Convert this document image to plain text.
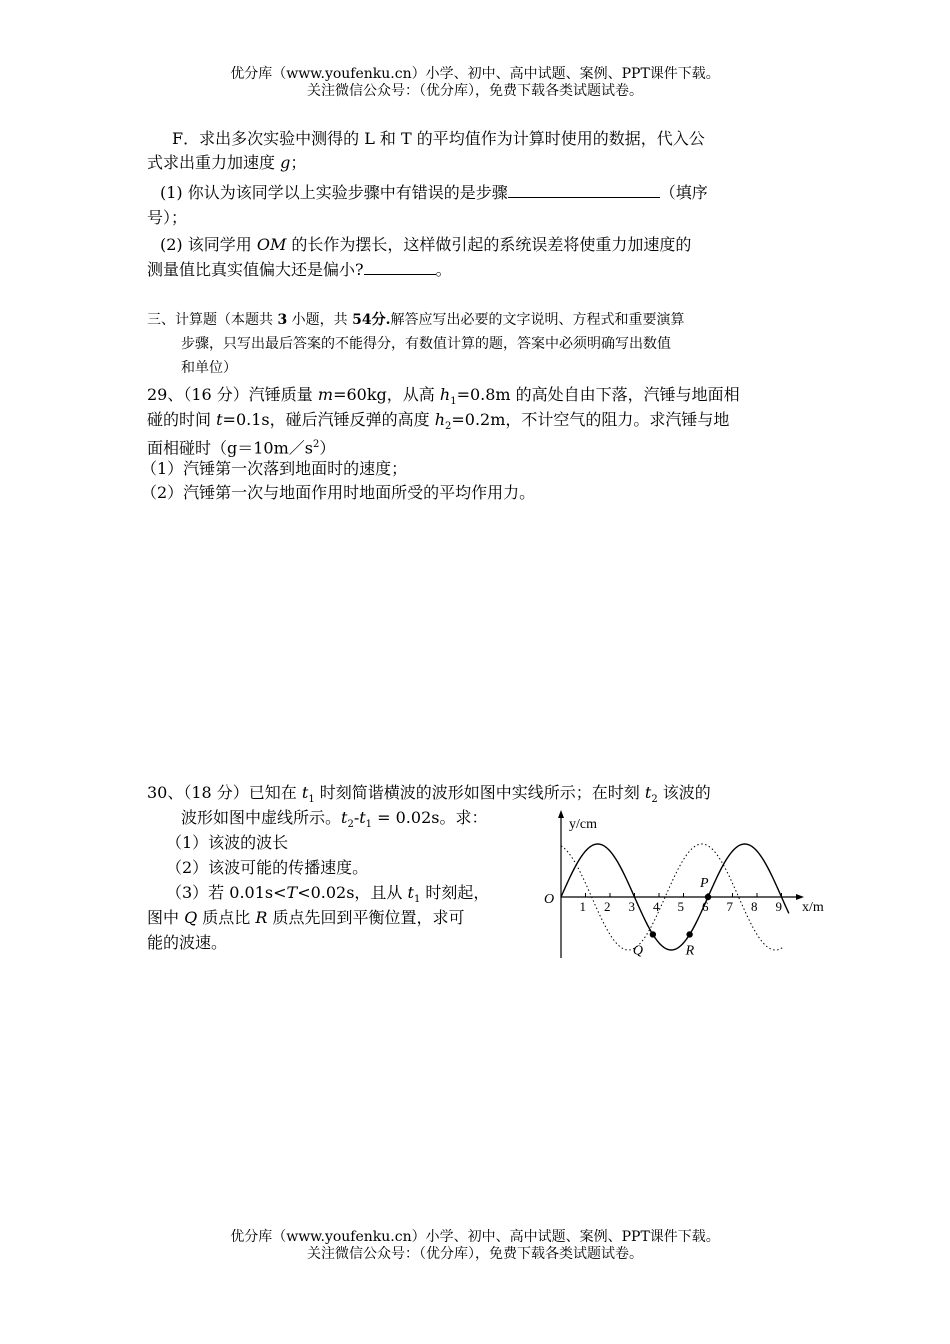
优分库（www.youfenku.cn）小学、初中、高中试题、案例、PPT课件下载。
关注微信公众号：（优分库），免费下载各类试题试卷。
F．求出多次实验中测得的 L 和 T 的平均值作为计算时使用的数据，代入公
式求出重力加速度 g；
(1) 你认为该同学以上实验步骤中有错误的是步骤	（填序
号）；
(2) 该同学用 OM 的长作为摆长，这样做引起的系统误差将使重力加速度的
测量值比真实值偏大还是偏小?	。
三、计算题（本题共 3 小题，共 54分.解答应写出必要的文字说明、方程式和重要演算
步骤，只写出最后答案的不能得分，有数值计算的题，答案中必须明确写出数值
和单位）
29、（16 分）汽锤质量 m=60kg，从高 $h_1=0.8m$ 的高处自由下落，汽锤与地面相
碰的时间 t=0.1s，碰后汽锤反弹的高度 $h_2=0.2m$，不计空气的阻力。求汽锤与地
面相碰时$(g=10m/s^2)$
（1）汽锤第一次落到地面时的速度；
（2）汽锤第一次与地面作用时地面所受的平均作用力。
30、（18 分）已知在 $t_1$ 时刻简谐横波的波形如图中实线所示；在时刻 $t_2$ 该波的
波形如图中虚线所示。$t_2-t_1 = 0.02s$。求：
（1）该波的波长
（2）该波可能的传播速度。
（3）若 0.01s<T<0.02s，且从 $t_1$ 时刻起，
图中 Q 质点比 R 质点先回到平衡位置，求可
能的波速。
1 2 3 4 5 6 7 8 9
y/cm
x/m
O
P
Q	R
优分库（www.youfenku.cn）小学、初中、高中试题、案例、PPT课件下载。
关注微信公众号：（优分库），免费下载各类试题试卷。
